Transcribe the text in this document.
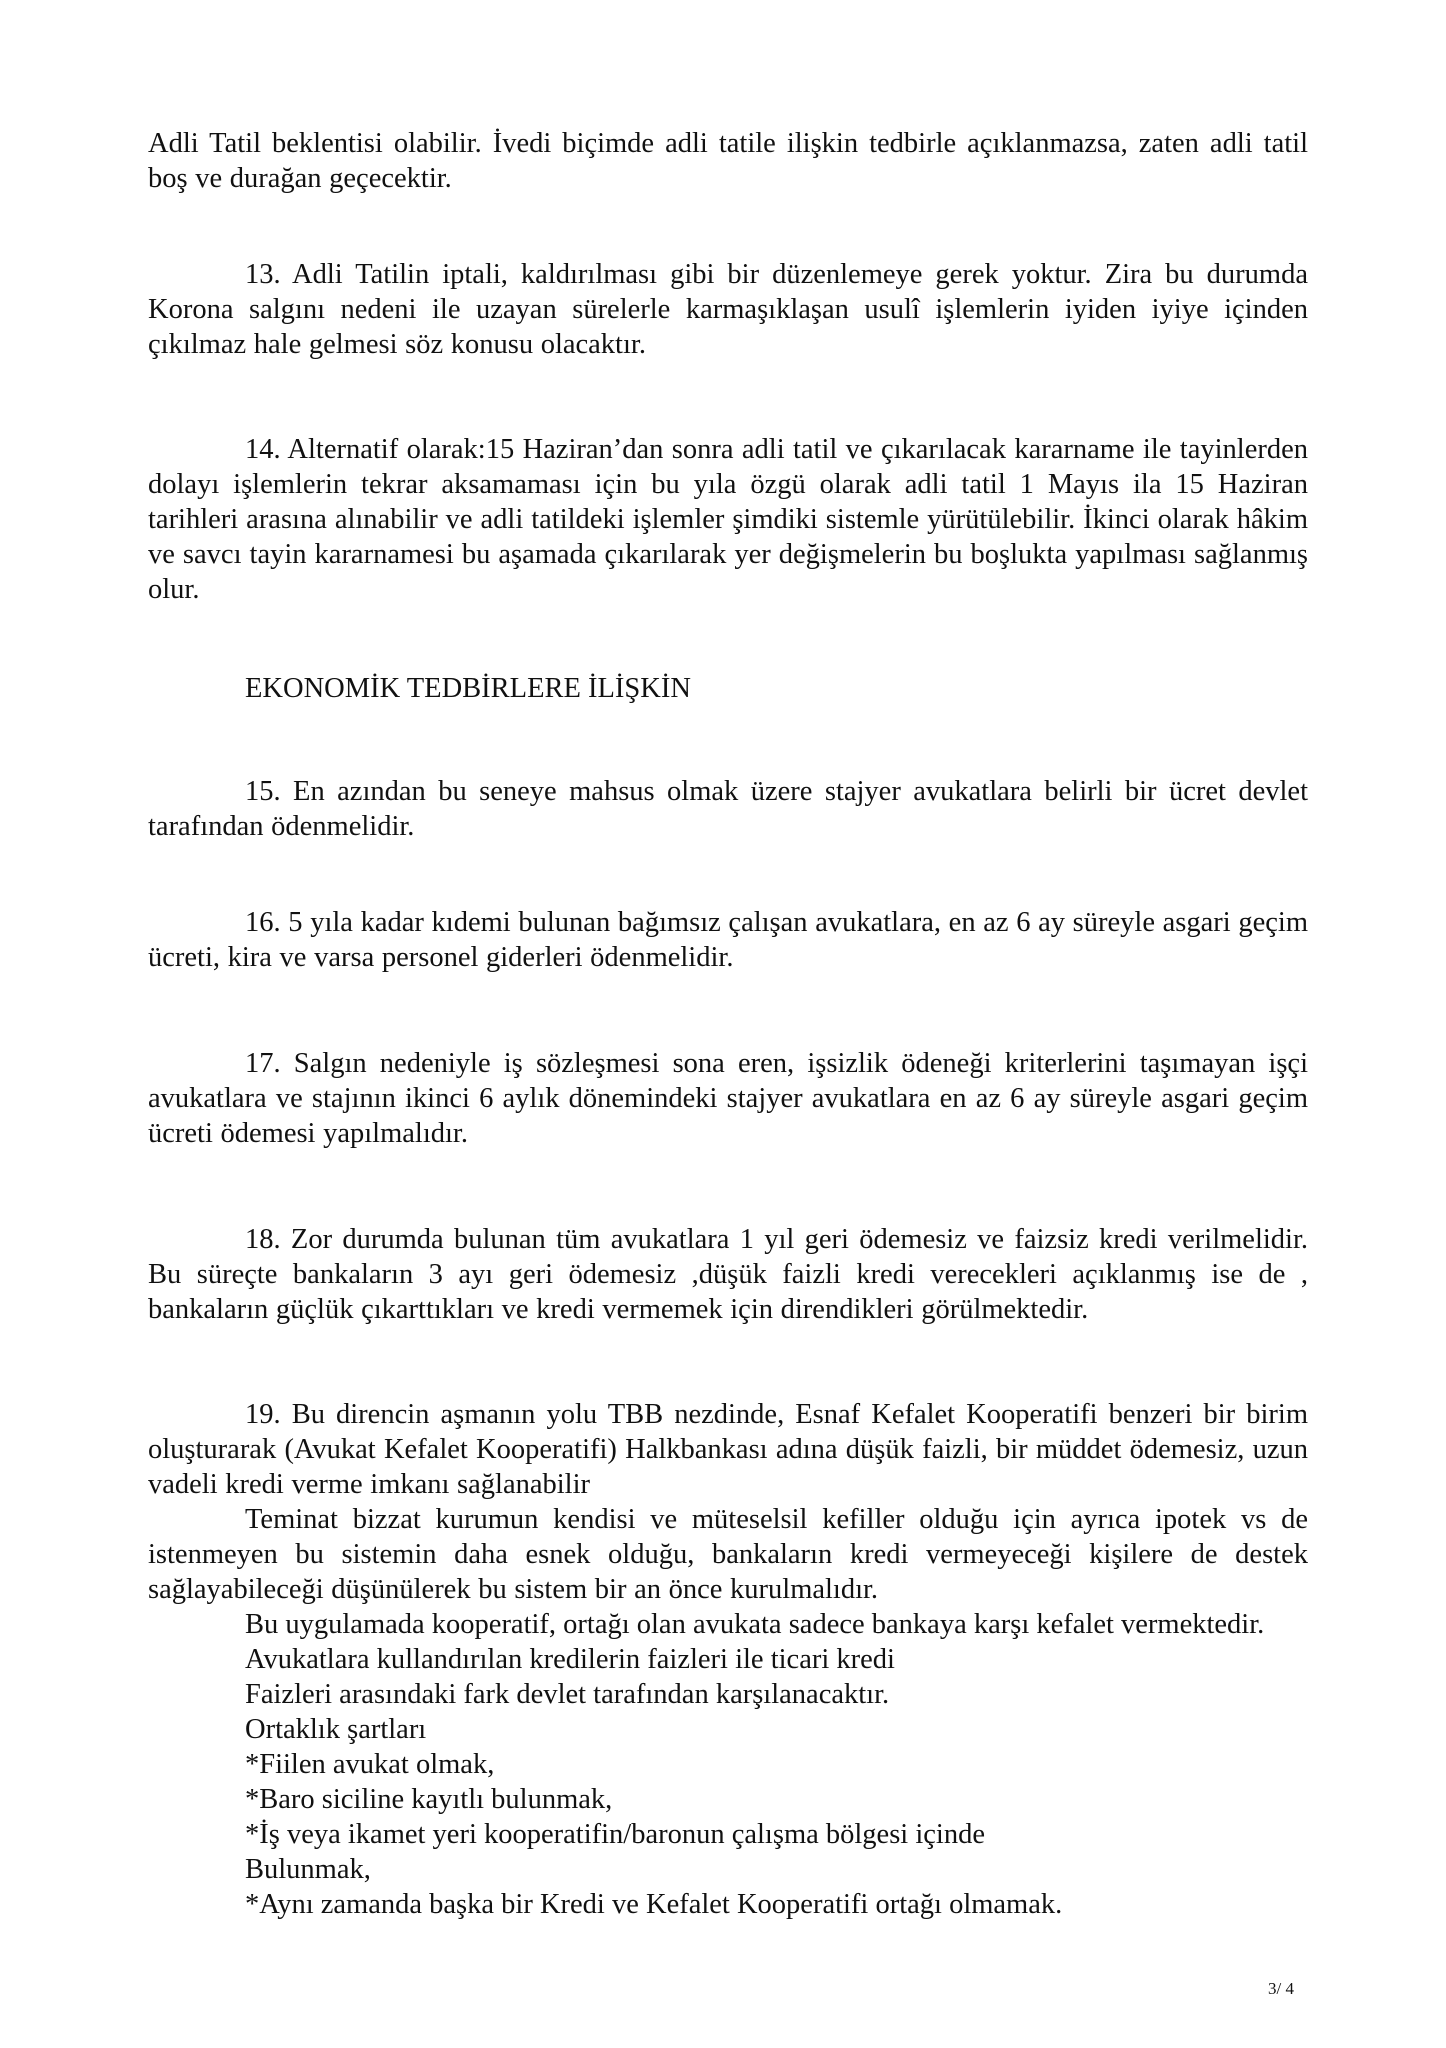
Adli Tatil beklentisi olabilir. İvedi biçimde adli tatile ilişkin tedbirle açıklanmazsa, zaten adli tatil boş ve durağan geçecektir.

13. Adli Tatilin iptali, kaldırılması gibi bir düzenlemeye gerek yoktur. Zira bu durumda Korona salgını nedeni ile uzayan sürelerle karmaşıklaşan usulî işlemlerin iyiden iyiye içinden çıkılmaz hale gelmesi söz konusu olacaktır.

14. Alternatif olarak:15 Haziran’dan sonra adli tatil ve çıkarılacak kararname ile tayinlerden dolayı işlemlerin tekrar aksamaması için bu yıla özgü olarak adli tatil 1 Mayıs ila 15 Haziran tarihleri arasına alınabilir ve adli tatildeki işlemler şimdiki sistemle yürütülebilir. İkinci olarak hâkim ve savcı tayin kararnamesi bu aşamada çıkarılarak yer değişmelerin bu boşlukta yapılması sağlanmış olur.

EKONOMİK TEDBİRLERE İLİŞKİN

15. En azından bu seneye mahsus olmak üzere stajyer avukatlara belirli bir ücret devlet tarafından ödenmelidir.

16. 5 yıla kadar kıdemi bulunan bağımsız çalışan avukatlara, en az 6 ay süreyle asgari geçim ücreti, kira ve varsa personel giderleri ödenmelidir.

17. Salgın nedeniyle iş sözleşmesi sona eren, işsizlik ödeneği kriterlerini taşımayan işçi avukatlara ve stajının ikinci 6 aylık dönemindeki stajyer avukatlara en az 6 ay süreyle asgari geçim ücreti ödemesi yapılmalıdır.

18. Zor durumda bulunan tüm avukatlara 1 yıl geri ödemesiz ve faizsiz kredi verilmelidir. Bu süreçte bankaların 3 ayı geri ödemesiz ,düşük faizli kredi verecekleri açıklanmış ise de , bankaların güçlük çıkarttıkları ve kredi vermemek için direndikleri görülmektedir.

19. Bu direncin aşmanın yolu TBB nezdinde, Esnaf Kefalet Kooperatifi benzeri bir birim oluşturarak (Avukat Kefalet Kooperatifi) Halkbankası adına düşük faizli, bir müddet ödemesiz, uzun vadeli kredi verme imkanı sağlanabilir

Teminat bizzat kurumun kendisi ve müteselsil kefiller olduğu için ayrıca ipotek vs de istenmeyen bu sistemin daha esnek olduğu, bankaların kredi vermeyeceği kişilere de destek sağlayabileceği düşünülerek bu sistem bir an önce kurulmalıdır.

Bu uygulamada kooperatif, ortağı olan avukata sadece bankaya karşı kefalet vermektedir.

Avukatlara kullandırılan kredilerin faizleri ile ticari kredi

Faizleri arasındaki fark devlet tarafından karşılanacaktır.

Ortaklık şartları

*Fiilen avukat olmak,

*Baro siciline kayıtlı bulunmak,

*İş veya ikamet yeri kooperatifin/baronun çalışma bölgesi içinde

Bulunmak,

*Aynı zamanda başka bir Kredi ve Kefalet Kooperatifi ortağı olmamak.

3/ 4
